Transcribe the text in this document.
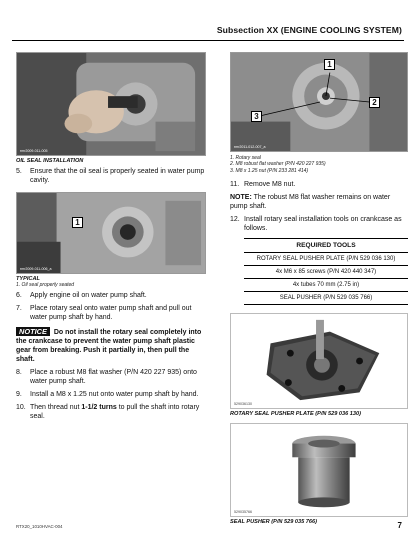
Subsection XX (ENGINE COOLING SYSTEM)
rmr2009-011-005
OIL SEAL INSTALLATION
5.	Ensure that the oil seal is properly seated in water pump cavity.
1
rmr2009-011-006_a
TYPICAL
1. Oil seal properly seated
6.	Apply engine oil on water pump shaft.
7.	Place rotary seal onto water pump shaft and pull out water pump shaft by hand.
NOTICE Do not install the rotary seal completely into the crankcase to prevent the water pump shaft plastic gear from breaking. Push it partially in, then pull the shaft.
8.	Place a robust M8 flat washer (P/N 420 227 935) onto water pump shaft.
9.	Install a M8 x 1.25 nut onto water pump shaft by hand.
10. Then thread nut 1-1/2 turns to pull the shaft into rotary seal.
1
2
3
rmr2011-012-007_a
1. Rotary seal
2. M8 robust flat washer (P/N 420 227 935)
3. M8 x 1.25 nut (P/N 233 281 414)
11. Remove M8 nut.
NOTE: The robust M8 flat washer remains on water pump shaft.
12. Install rotary seal installation tools on crankcase as follows.
REQUIRED TOOLS
ROTARY SEAL PUSHER PLATE (P/N 529 036 130)
4x M6 x 85 screws (P/N 420 440 347)
4x tubes 70 mm (2.75 in)
SEAL PUSHER (P/N 529 035 766)
529036130
ROTARY SEAL PUSHER PLATE (P/N 529 036 130)
529035766
SEAL PUSHER (P/N 529 035 766)
RTX20_1010HVAC-004	7
